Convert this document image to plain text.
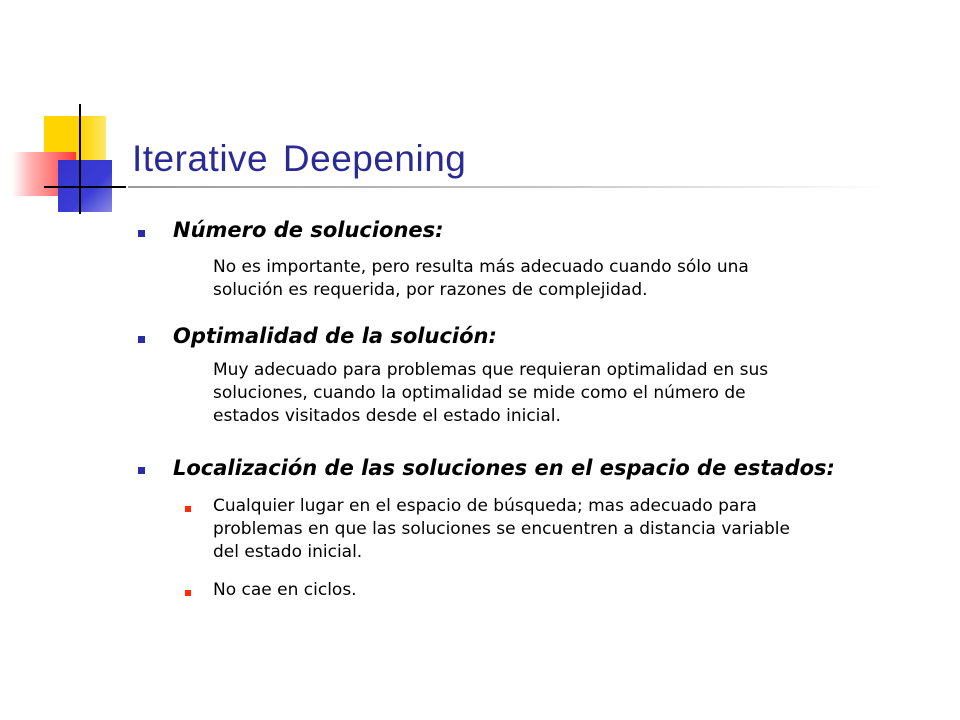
Iterative Deepening
Número de soluciones:
No es importante, pero resulta más adecuado cuando sólo una
solución es requerida, por razones de complejidad.
Optimalidad de la solución:
Muy adecuado para problemas que requieran optimalidad en sus
soluciones, cuando la optimalidad se mide como el número de
estados visitados desde el estado inicial.
Localización de las soluciones en el espacio de estados:
Cualquier lugar en el espacio de búsqueda; mas adecuado para
problemas en que las soluciones se encuentren a distancia variable
del estado inicial.
No cae en ciclos.
